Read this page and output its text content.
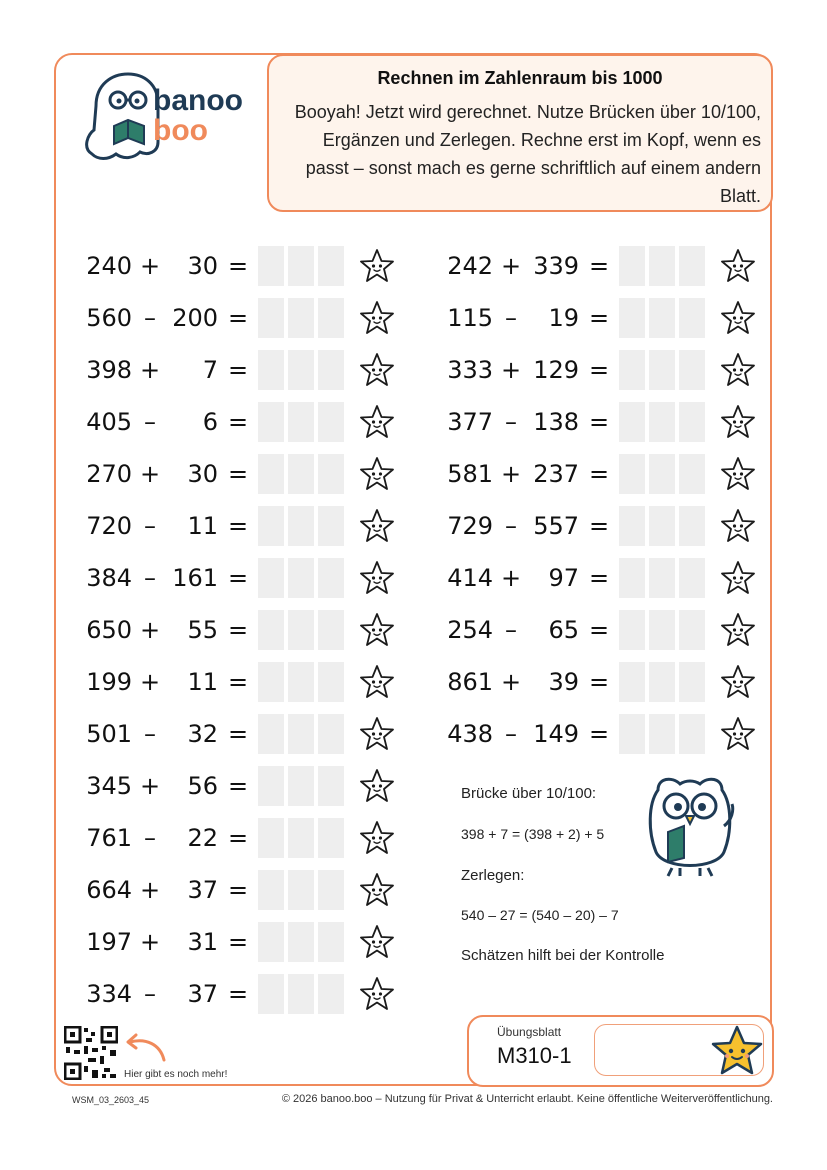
banoo
boo
Rechnen im Zahlenraum bis 1000
Booyah! Jetzt wird gerechnet. Nutze Brücken über 10/100, Ergänzen und Zerlegen. Rechne erst im Kopf, wenn es passt – sonst mach es gerne schriftlich auf einem andern Blatt.
240 +	30 =
560 – 200 =
398 +	7 =
405 –	6 =
270 +	30 =
720 –	11 =
384 – 161 =
650 +	55 =
199 +	11 =
501 –	32 =
345 +	56 =
761 –	22 =
664 +	37 =
197 +	31 =
334 –	37 =
242 + 339 =
115 –	19 =
333 + 129 =
377 – 138 =
581 + 237 =
729 – 557 =
414 +	97 =
254 –	65 =
861 +	39 =
438 – 149 =
Brücke über 10/100:
398 + 7 = (398 + 2) + 5
Zerlegen:
540 – 27 = (540 – 20) – 7
Schätzen hilft bei der Kontrolle
Hier gibt es noch mehr!
Übungsblatt
M310-1
WSM_03_2603_45	© 2026 banoo.boo – Nutzung für Privat & Unterricht erlaubt. Keine öffentliche Weiterveröffentlichung.
